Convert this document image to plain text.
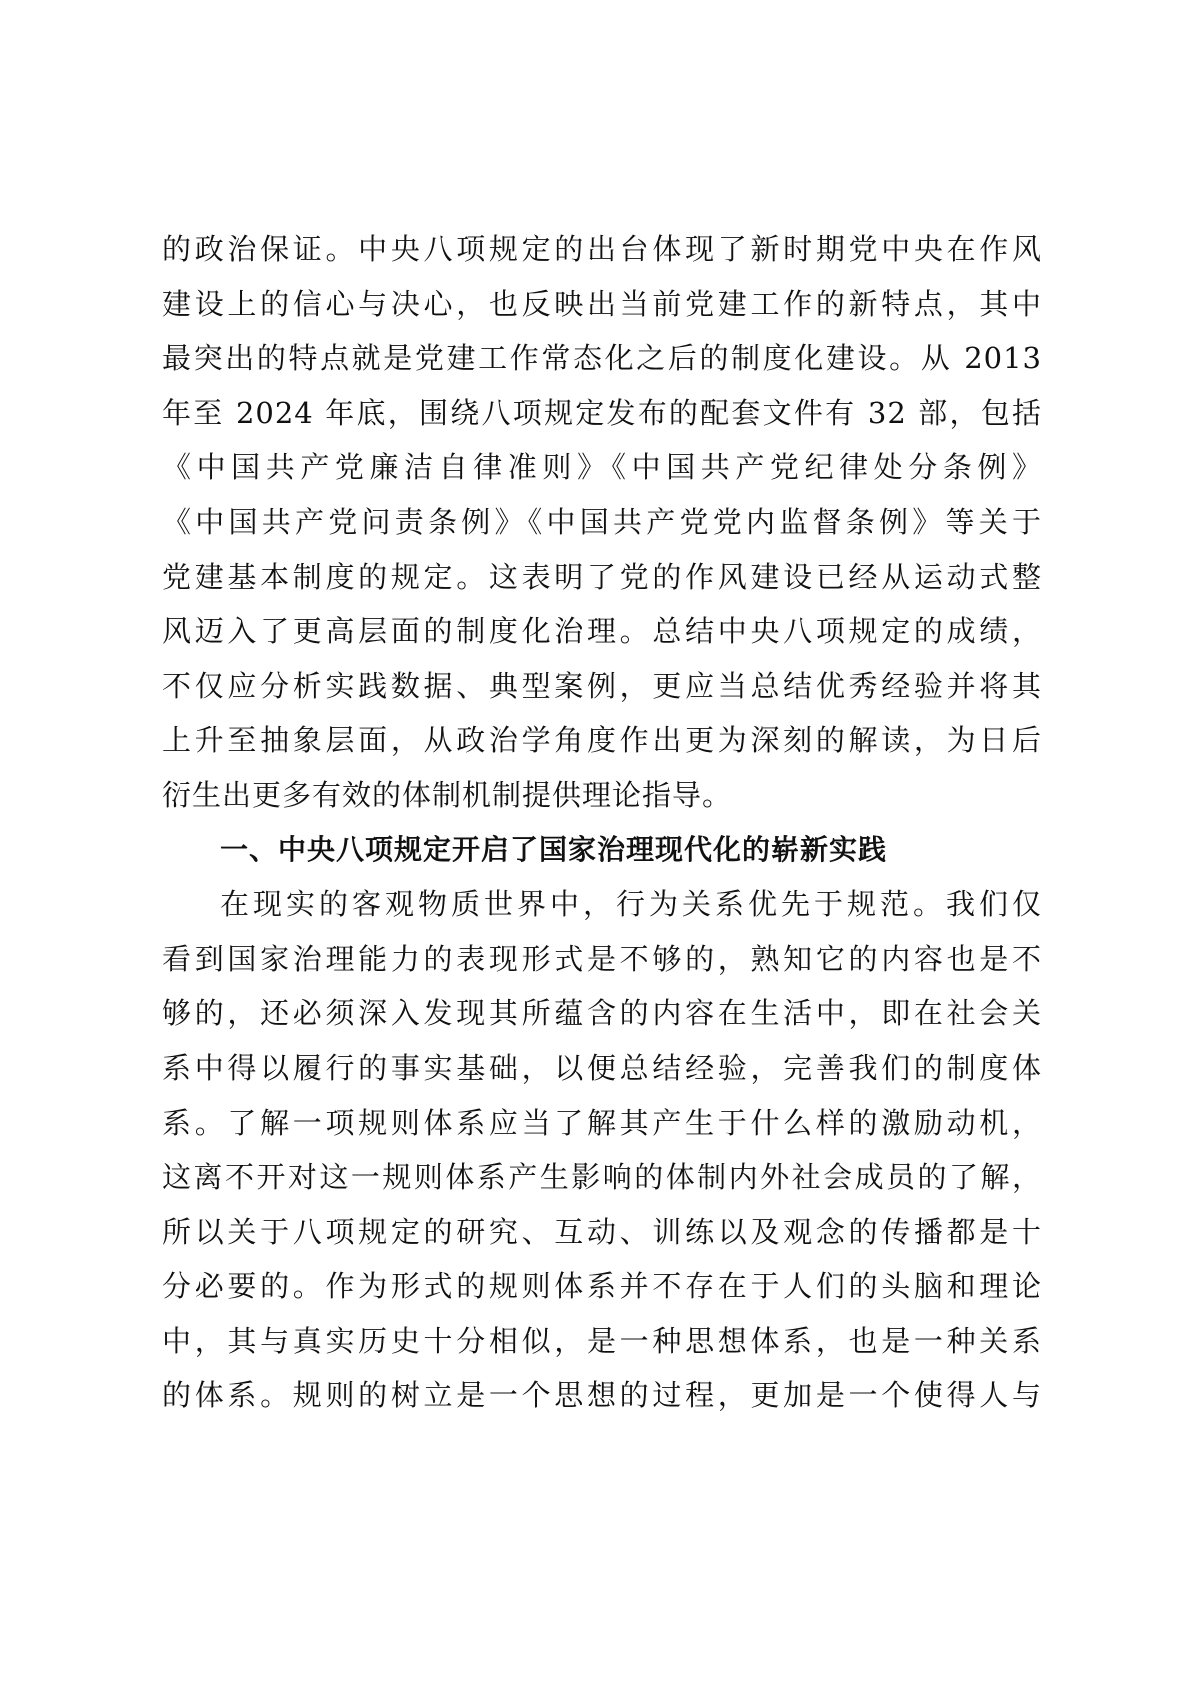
的政治保证。中央八项规定的出台体现了新时期党中央在作风
建设上的信心与决心，也反映出当前党建工作的新特点，其中
最突出的特点就是党建工作常态化之后的制度化建设。从 2013
年至 2024 年底，围绕八项规定发布的配套文件有 32 部，包括
《中国共产党廉洁自律准则》《中国共产党纪律处分条例》
《中国共产党问责条例》《中国共产党党内监督条例》等关于
党建基本制度的规定。这表明了党的作风建设已经从运动式整
风迈入了更高层面的制度化治理。总结中央八项规定的成绩，
不仅应分析实践数据、典型案例，更应当总结优秀经验并将其
上升至抽象层面，从政治学角度作出更为深刻的解读，为日后
衍生出更多有效的体制机制提供理论指导。
一、中央八项规定开启了国家治理现代化的崭新实践
在现实的客观物质世界中，行为关系优先于规范。我们仅
看到国家治理能力的表现形式是不够的，熟知它的内容也是不
够的，还必须深入发现其所蕴含的内容在生活中，即在社会关
系中得以履行的事实基础，以便总结经验，完善我们的制度体
系。了解一项规则体系应当了解其产生于什么样的激励动机，
这离不开对这一规则体系产生影响的体制内外社会成员的了解，
所以关于八项规定的研究、互动、训练以及观念的传播都是十
分必要的。作为形式的规则体系并不存在于人们的头脑和理论
中，其与真实历史十分相似，是一种思想体系，也是一种关系
的体系。规则的树立是一个思想的过程，更加是一个使得人与
